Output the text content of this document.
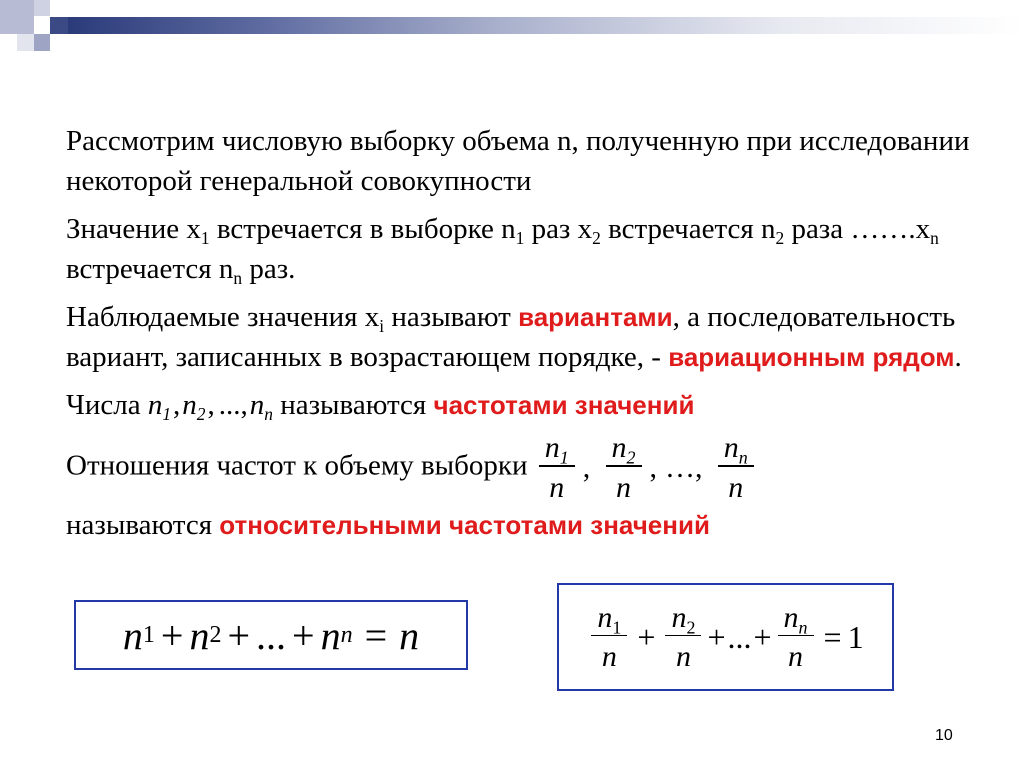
Рассмотрим числовую выборку объема n, полученную при исследовании некоторой генеральной совокупности

Значение $x_1$ встречается в выборке $n_1$ раз $x_2$ встречается $n_2$ раза $\dots\dots.x_n$ встречается $n_n$ раз.

Наблюдаемые значения $x_i$ называют вариантами, а последовательность вариант, записанных в возрастающем порядке, - вариационным рядом.

Числа $n_1,n_2$, $...,n_n$ называются частотами значений

Отношения частот к объему выборки $\frac{n_1}{n}$ , $\frac{n_2}{n}$ , …, $\frac{n_n}{n}$

называются относительными частотами значений

n 1 + n 2 + ... + n n = n	$\frac{n_1}{n} + \frac{n_2}{n}$ + ... + $\frac{n_n}{n} = 1$
10
